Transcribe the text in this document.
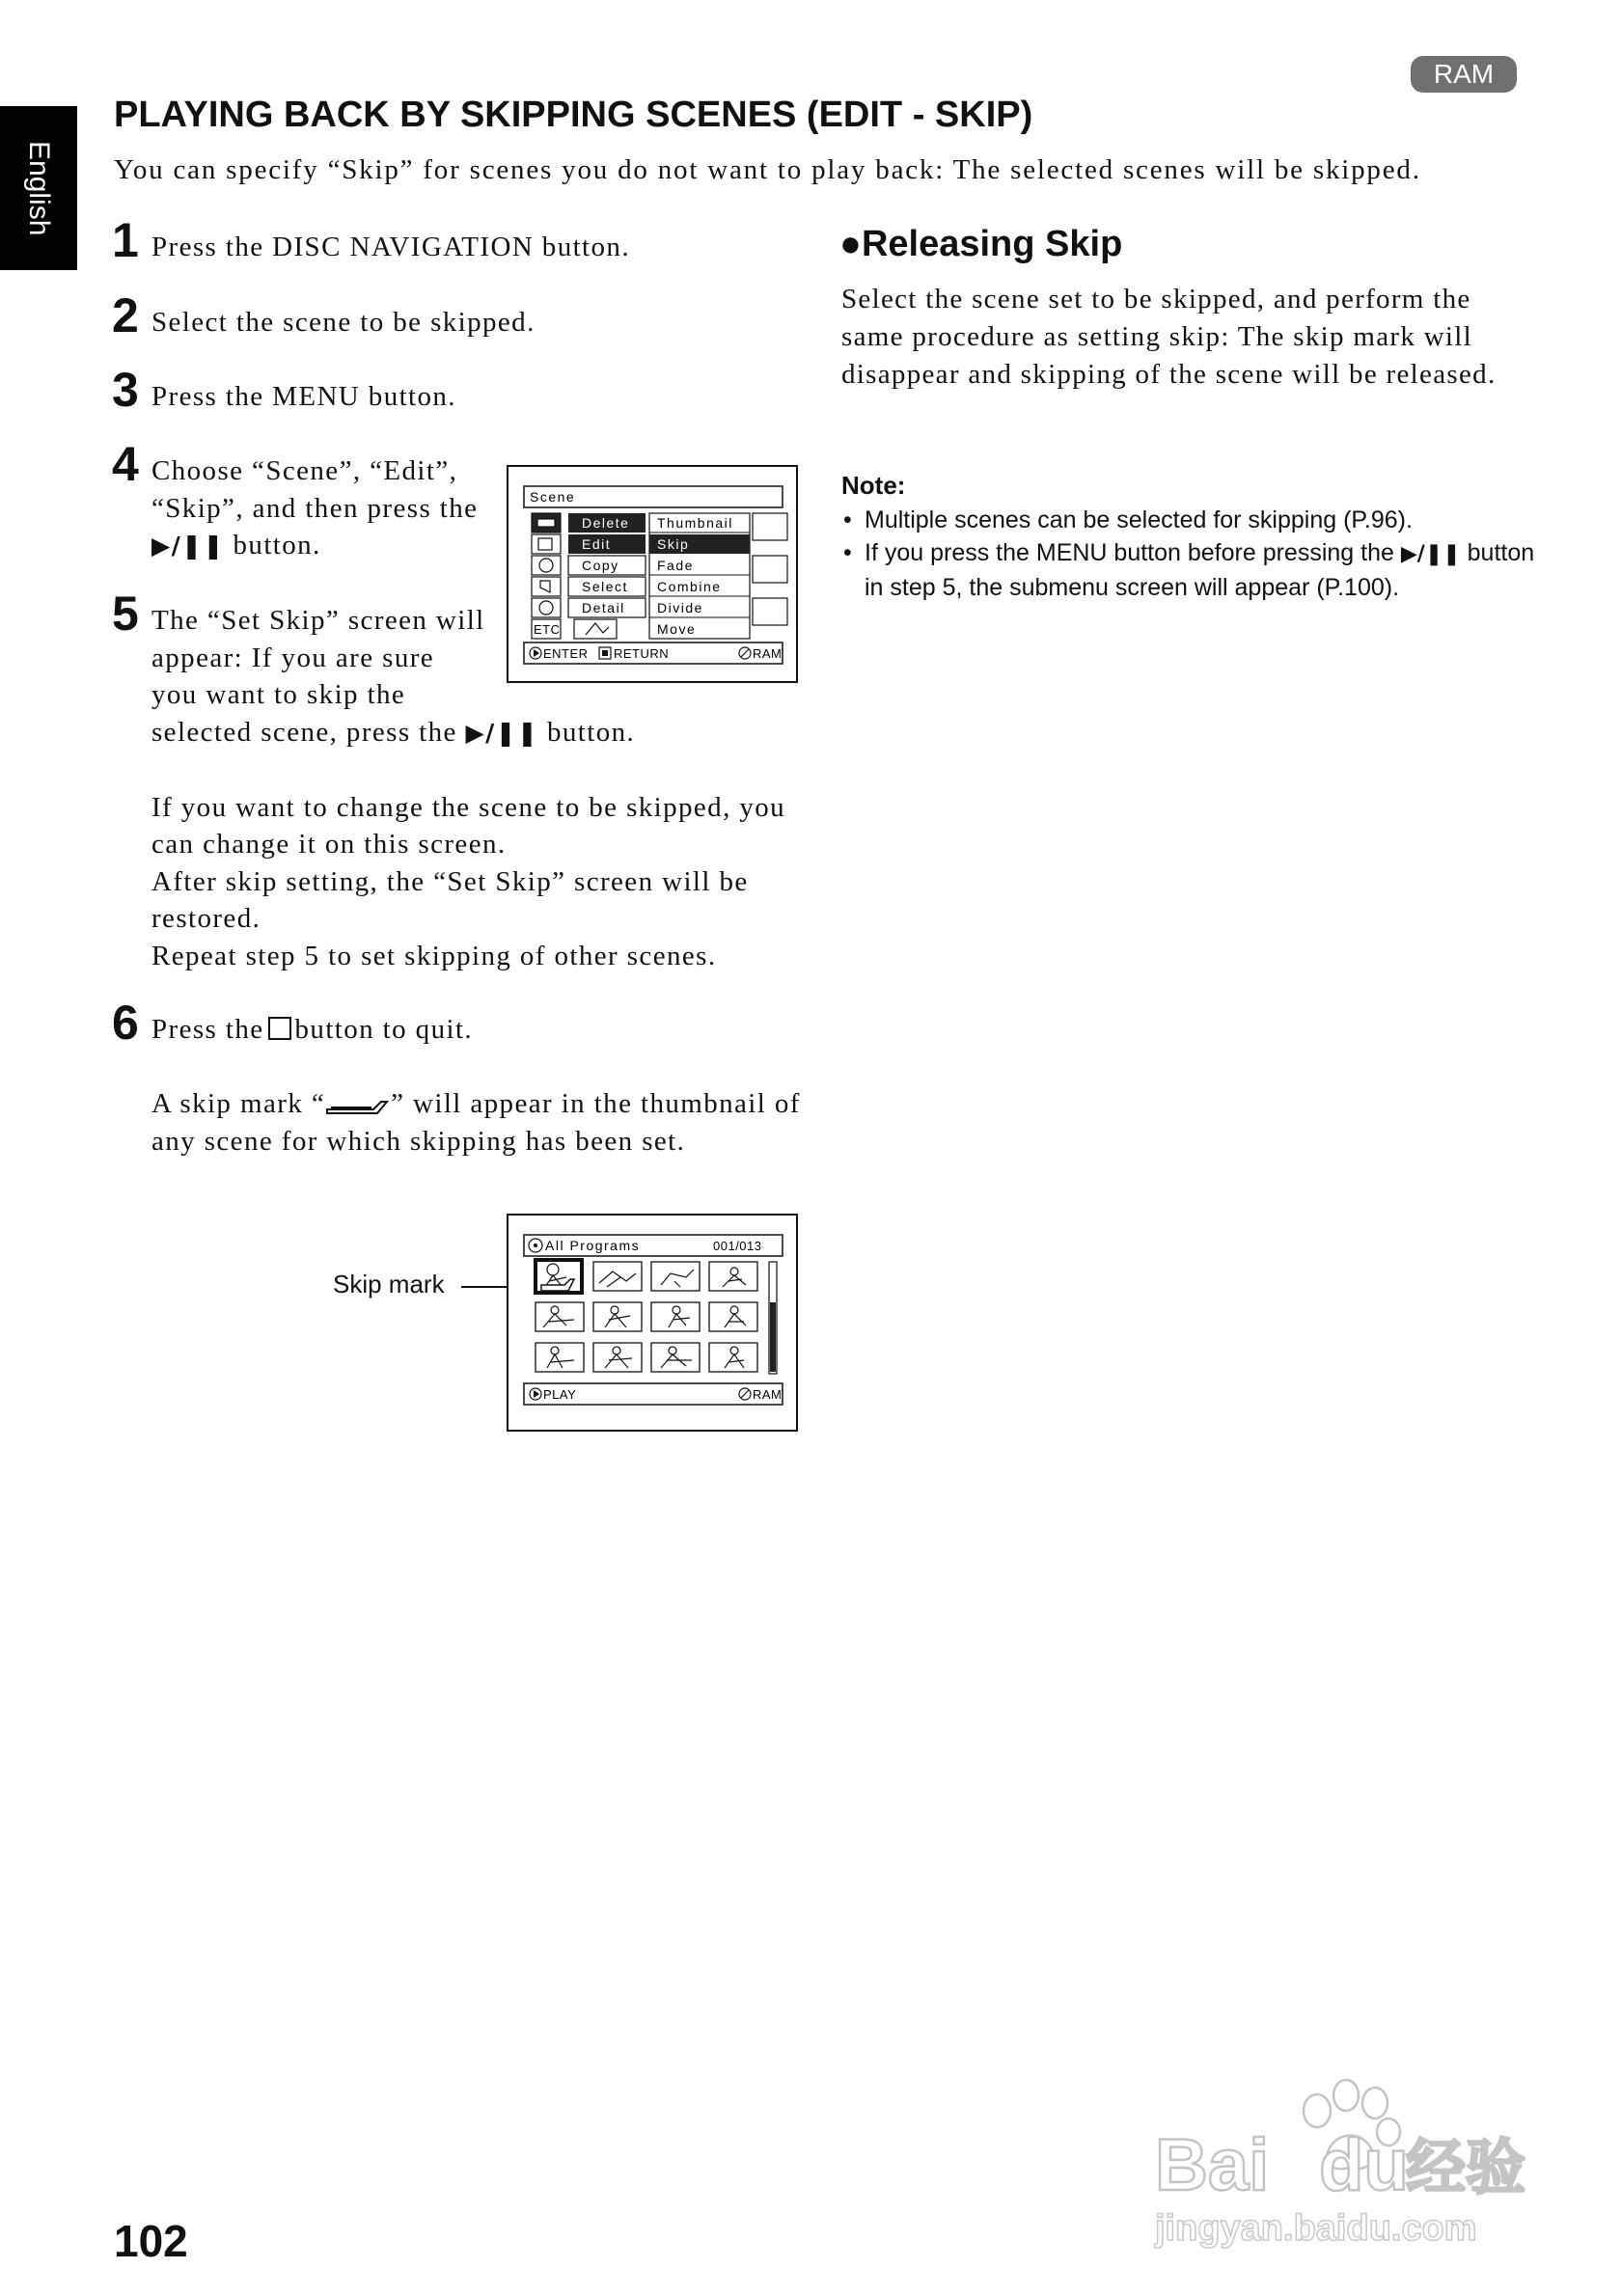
English
RAM
PLAYING BACK BY SKIPPING SCENES (EDIT - SKIP)
You can specify “Skip” for scenes you do not want to play back: The selected scenes will be skipped.
1 Press the DISC NAVIGATION button.
2 Select the scene to be skipped.
3 Press the MENU button.
4 Choose “Scene”, “Edit”,
“Skip”, and then press the
▶/❚❚ button.
5 The “Set Skip” screen will
appear: If you are sure
you want to skip the
selected scene, press the ▶/❚❚ button.
If you want to change the scene to be skipped, you can change it on this screen.
After skip setting, the “Set Skip” screen will be restored.
Repeat step 5 to set skipping of other scenes.
6 Press the button to quit.
A skip mark “ ” will appear in the thumbnail of any scene for which skipping has been set.
Scene
ETC
Delete
Edit
Copy
Select
Detail
Thumbnail
Skip
Fade
Combine
Divide
Move
ENTER RETURN	RAM
●Releasing Skip
Select the scene set to be skipped, and perform the same procedure as setting skip: The skip mark will disappear and skipping of the scene will be released.
Note:
• Multiple scenes can be selected for skipping (P.96).
• If you press the MENU button before pressing the ▶/❚❚ button in step 5, the submenu screen will appear (P.100).
Skip mark
All Programs	001/013
PLAY	RAM
102
Bai du
经验
jingyan.baidu.com
